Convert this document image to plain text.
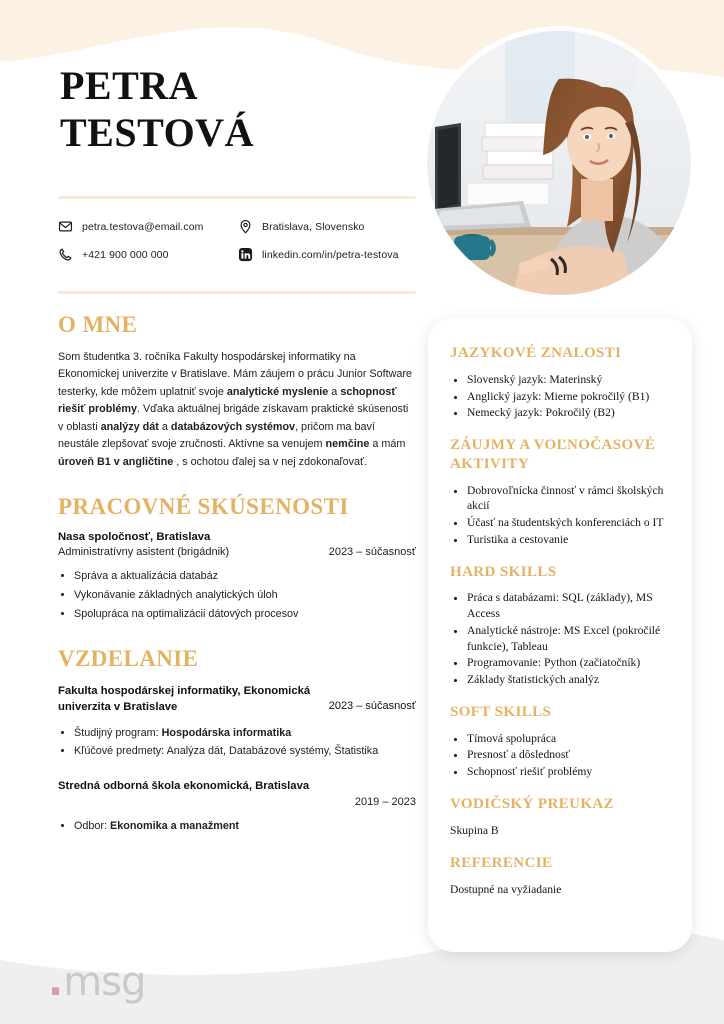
PETRA
TESTOVÁ
petra.testova@email.com	Bratislava, Slovensko
+421 900 000 000	linkedin.com/in/petra-testova
O MNE

Som študentka 3. ročníka Fakulty hospodárskej informatiky na Ekonomickej univerzite v Bratislave. Mám záujem o prácu Junior Software testerky, kde môžem uplatniť svoje analytické myslenie a schopnosť riešiť problémy. Vďaka aktuálnej brigáde získavam praktické skúsenosti v oblasti analýzy dát a databázových systémov, pričom ma baví neustále zlepšovať svoje zručnosti. Aktívne sa venujem nemčine a mám úroveň B1 v angličtine , s ochotou ďalej sa v nej zdokonaľovať.

PRACOVNÉ SKÚSENOSTI
Nasa spoločnosť, Bratislava
Administratívny asistent (brigádnik)	2023 – súčasnosť
• Správa a aktualizácia databáz
• Vykonávanie základných analytických úloh
• Spolupráca na optimalizácii dátových procesov
VZDELANIE
Fakulta hospodárskej informatiky, Ekonomická univerzita v Bratislave	2023 – súčasnosť
• Študijný program: Hospodárska informatika
• Kľúčové predmety: Analýza dát, Databázové systémy, Štatistika
Stredná odborná škola ekonomická, Bratislava
2019 – 2023
• Odbor: Ekonomika a manažment
JAZYKOVÉ ZNALOSTI
• Slovenský jazyk: Materinský
• Anglický jazyk: Mierne pokročilý (B1)
• Nemecký jazyk: Pokročilý (B2)
ZÁUJMY A VOĽNOČASOVÉ AKTIVITY
• Dobrovoľnícka činnosť v rámci školských akcií
• Účasť na študentských konferenciách o IT
• Turistika a cestovanie
HARD SKILLS
• Práca s databázami: SQL (základy), MS Access
• Analytické nástroje: MS Excel (pokročilé funkcie), Tableau
• Programovanie: Python (začiatočník)
• Základy štatistických analýz
SOFT SKILLS
• Tímová spolupráca
• Presnosť a dôslednosť
• Schopnosť riešiť problémy
VODIČSKÝ PREUKAZ
Skupina B
REFERENCIE
Dostupné na vyžiadanie
. msg
